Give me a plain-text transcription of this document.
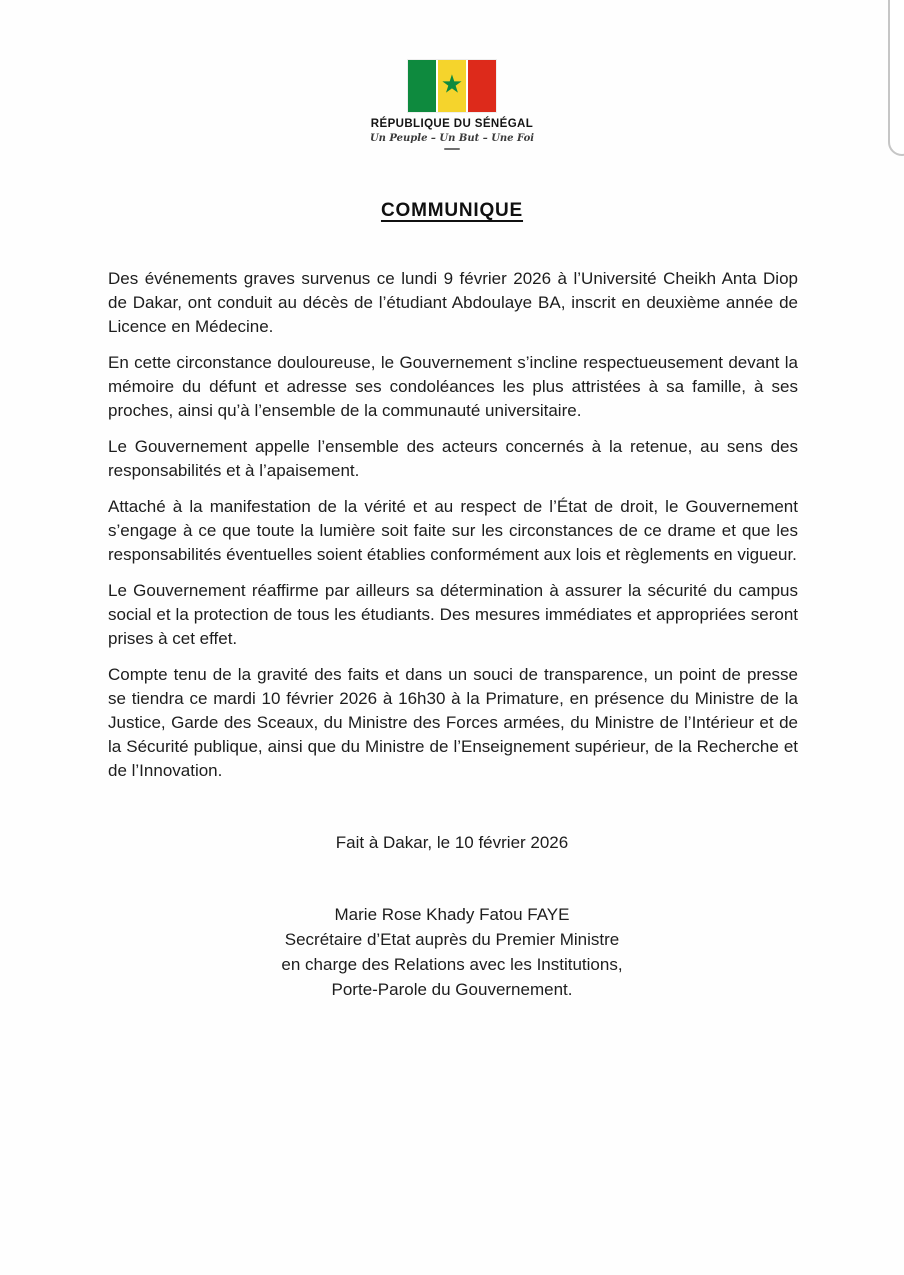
★
RÉPUBLIQUE DU SÉNÉGAL
Un Peuple – Un But – Une Foi
COMMUNIQUE

Des événements graves survenus ce lundi 9 février 2026 à l’Université Cheikh Anta Diop de Dakar, ont conduit au décès de l’étudiant Abdoulaye BA, inscrit en deuxième année de Licence en Médecine.

En cette circonstance douloureuse, le Gouvernement s’incline respectueusement devant la mémoire du défunt et adresse ses condoléances les plus attristées à sa famille, à ses proches, ainsi qu’à l’ensemble de la communauté universitaire.

Le Gouvernement appelle l’ensemble des acteurs concernés à la retenue, au sens des responsabilités et à l’apaisement.

Attaché à la manifestation de la vérité et au respect de l’État de droit, le Gouvernement s’engage à ce que toute la lumière soit faite sur les circonstances de ce drame et que les responsabilités éventuelles soient établies conformément aux lois et règlements en vigueur.

Le Gouvernement réaffirme par ailleurs sa détermination à assurer la sécurité du campus social et la protection de tous les étudiants. Des mesures immédiates et appropriées seront prises à cet effet.

Compte tenu de la gravité des faits et dans un souci de transparence, un point de presse se tiendra ce mardi 10 février 2026 à 16h30 à la Primature, en présence du Ministre de la Justice, Garde des Sceaux, du Ministre des Forces armées, du Ministre de l’Intérieur et de la Sécurité publique, ainsi que du Ministre de l’Enseignement supérieur, de la Recherche et de l’Innovation.

Fait à Dakar, le 10 février 2026
Marie Rose Khady Fatou FAYE
Secrétaire d’Etat auprès du Premier Ministre
en charge des Relations avec les Institutions,
Porte-Parole du Gouvernement.
